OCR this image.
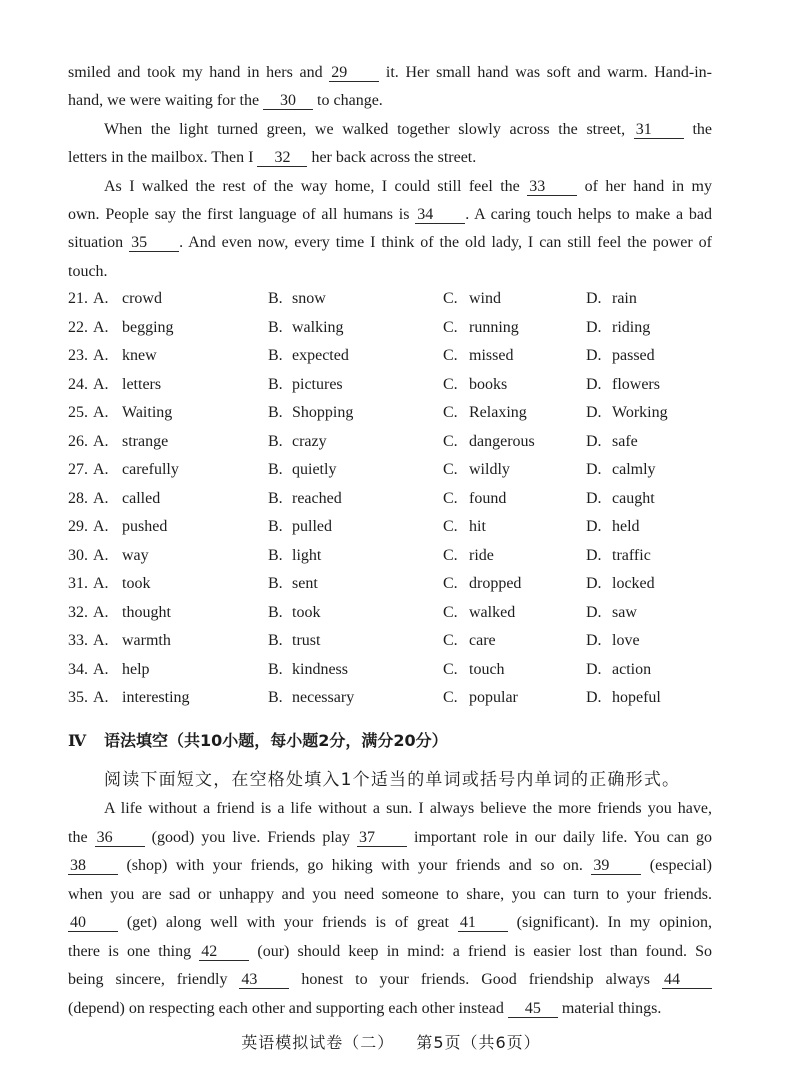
smiled and took my hand in hers and 29 it. Her small hand was soft and warm. Hand-in-
hand, we were waiting for the 30 to change.
When the light turned green, we walked together slowly across the street, 31 the
letters in the mailbox. Then I 32 her back across the street.
As I walked the rest of the way home, I could still feel the 33 of her hand in my
own. People say the first language of all humans is 34 . A caring touch helps to make a bad
situation 35 . And even now, every time I think of the old lady, I can still feel the power of
touch.
21. A. crowd	B. snow	C. wind	D. rain
22. A. begging	B. walking	C. running	D. riding
23. A. knew	B. expected	C. missed	D. passed
24. A. letters	B. pictures	C. books	D. flowers
25. A. Waiting	B. Shopping	C. Relaxing	D. Working
26. A. strange	B. crazy	C. dangerous	D. safe
27. A. carefully	B. quietly	C. wildly	D. calmly
28. A. called	B. reached	C. found	D. caught
29. A. pushed	B. pulled	C. hit	D. held
30. A. way	B. light	C. ride	D. traffic
31. A. took	B. sent	C. dropped	D. locked
32. A. thought	B. took	C. walked	D. saw
33. A. warmth	B. trust	C. care	D. love
34. A. help	B. kindness	C. touch	D. action
35. A. interesting	B. necessary	C. popular	D. hopeful
Ⅳ 语法填空（共10小题，每小题2分，满分20分）
阅读下面短文，在空格处填入1个适当的单词或括号内单词的正确形式。
A life without a friend is a life without a sun. I always believe the more friends you have,
the 36 (good) you live. Friends play 37 important role in our daily life. You can go
38 (shop) with your friends, go hiking with your friends and so on. 39 (especial)
when you are sad or unhappy and you need someone to share, you can turn to your friends.
40 (get) along well with your friends is of great 41 (significant). In my opinion,
there is one thing 42 (our) should keep in mind: a friend is easier lost than found. So
being sincere, friendly 43 honest to your friends. Good friendship always 44
(depend) on respecting each other and supporting each other instead 45 material things.
英语模拟试卷（二） 第5页（共6页）
